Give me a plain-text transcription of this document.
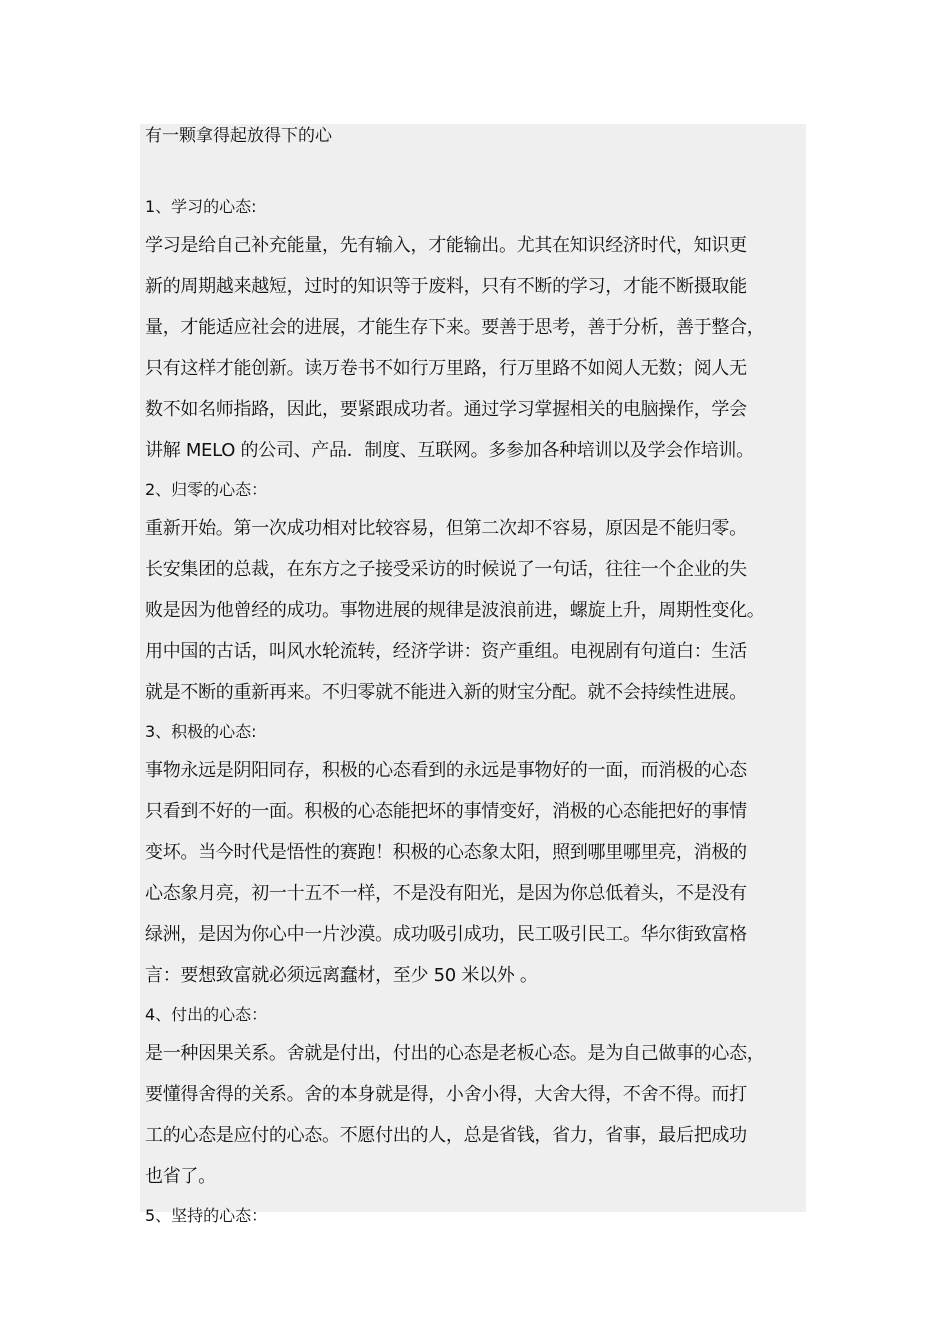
有一颗拿得起放得下的心
1、学习的心态:

学习是给自己补充能量，先有输入，才能输出。尤其在知识经济时代，知识更
新的周期越来越短，过时的知识等于废料，只有不断的学习，才能不断摄取能
量，才能适应社会的进展，才能生存下来。要善于思考，善于分析，善于整合，
只有这样才能创新。读万卷书不如行万里路，行万里路不如阅人无数；阅人无
数不如名师指路，因此，要紧跟成功者。通过学习掌握相关的电脑操作，学会
讲解 MELO 的公司、产品．制度、互联网。多参加各种培训以及学会作培训。

2、归零的心态：

重新开始。第一次成功相对比较容易，但第二次却不容易，原因是不能归零。
长安集团的总裁，在东方之子接受采访的时候说了一句话，往往一个企业的失
败是因为他曾经的成功。事物进展的规律是波浪前进，螺旋上升，周期性变化。
用中国的古话，叫风水轮流转，经济学讲：资产重组。电视剧有句道白：生活
就是不断的重新再来。不归零就不能进入新的财宝分配。就不会持续性进展。

3、积极的心态:

事物永远是阴阳同存，积极的心态看到的永远是事物好的一面，而消极的心态
只看到不好的一面。积极的心态能把坏的事情变好，消极的心态能把好的事情
变坏。当今时代是悟性的赛跑！积极的心态象太阳，照到哪里哪里亮，消极的
心态象月亮，初一十五不一样，不是没有阳光，是因为你总低着头，不是没有
绿洲，是因为你心中一片沙漠。成功吸引成功，民工吸引民工。华尔街致富格
言：要想致富就必须远离蠢材，至少 50 米以外 。

4、付出的心态：

是一种因果关系。舍就是付出，付出的心态是老板心态。是为自己做事的心态，
要懂得舍得的关系。舍的本身就是得，小舍小得，大舍大得，不舍不得。而打
工的心态是应付的心态。不愿付出的人，总是省钱，省力，省事，最后把成功
也省了。

5、坚持的心态：
